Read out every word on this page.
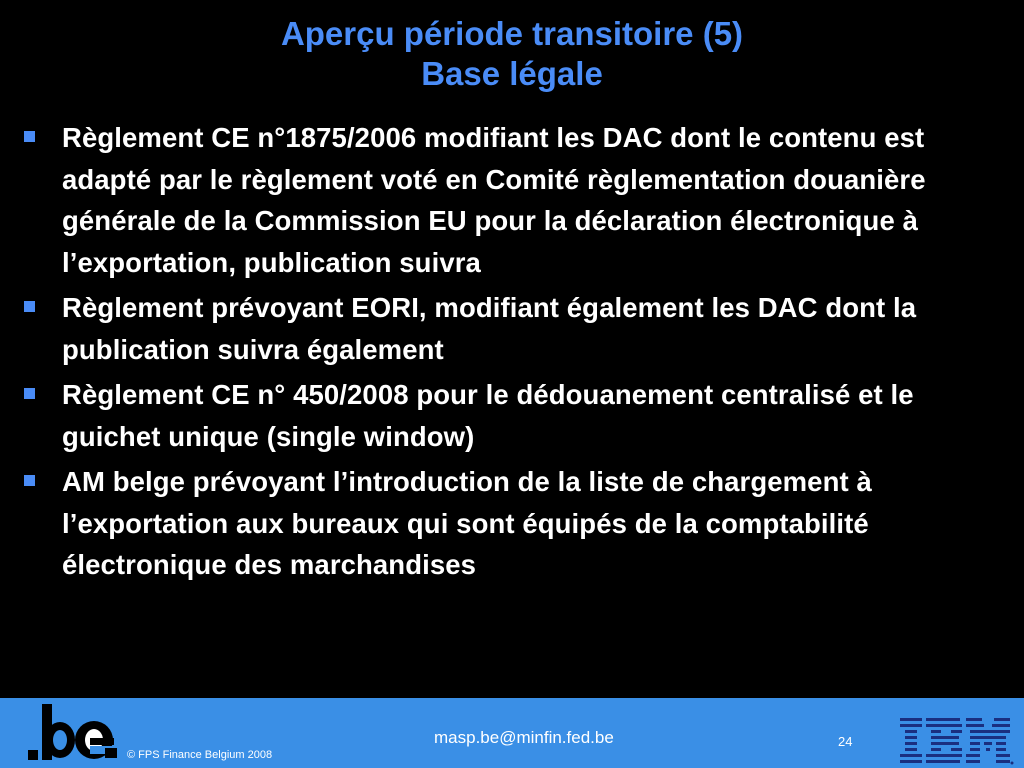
Aperçu période transitoire (5)
Base légale
Règlement CE n°1875/2006 modifiant les DAC dont le contenu est adapté par le règlement voté en Comité règlementation douanière générale de la Commission EU pour la déclaration électronique à l’exportation, publication suivra
Règlement prévoyant EORI, modifiant également les DAC dont la publication suivra également
Règlement CE n° 450/2008 pour le dédouanement centralisé et le guichet unique (single window)
AM belge prévoyant l’introduction de la liste de chargement à l’exportation aux bureaux qui sont équipés de la comptabilité électronique des marchandises
© FPS Finance Belgium 2008
masp.be@minfin.fed.be	24
